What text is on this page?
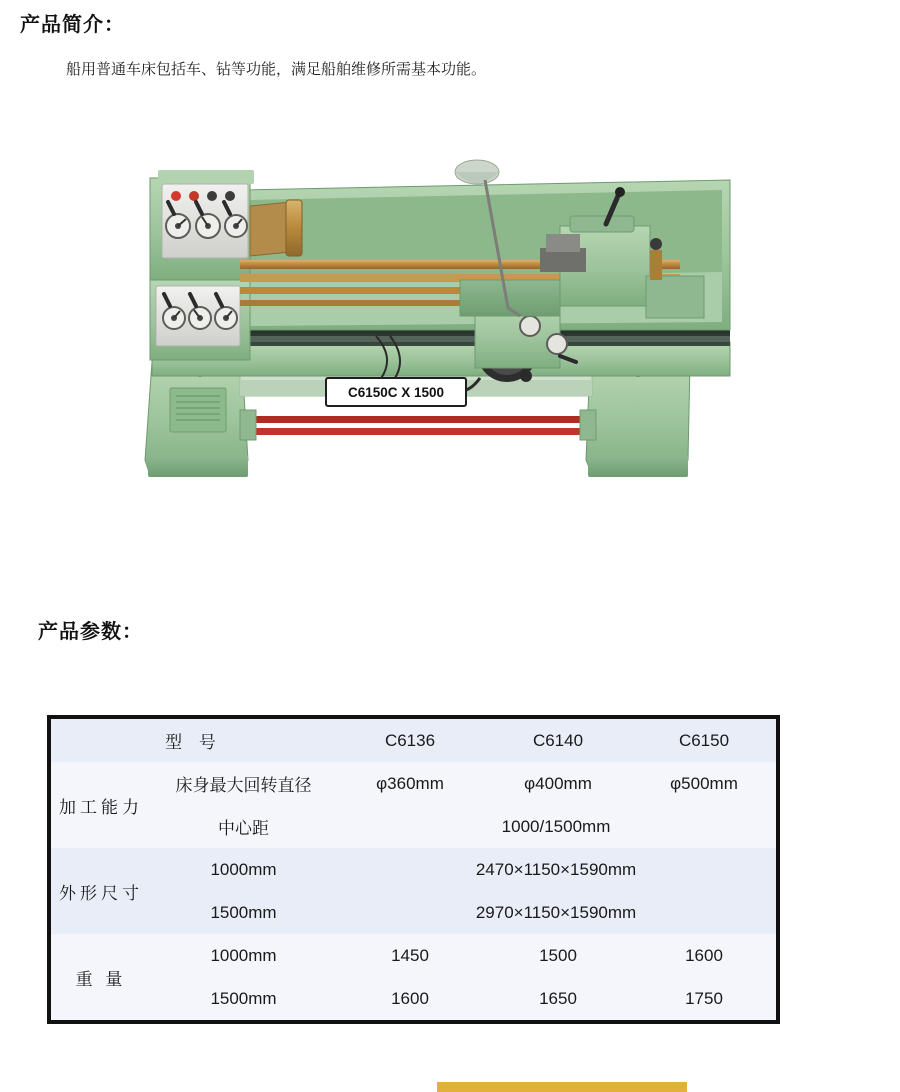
产品简介：
船用普通车床包括车、钻等功能，满足船舶维修所需基本功能。
C6150C X 1500
产品参数：
型 号		C6136	C6140	C6150
加工能力	床身最大回转直径	φ360mm	φ400mm	φ500mm
	中心距	1000/1500mm		
外形尺寸	1000mm	2470×1150×1590mm		
	1500mm	2970×1150×1590mm		
重 量	1000mm	1450	1500	1600
	1500mm	1600	1650	1750
